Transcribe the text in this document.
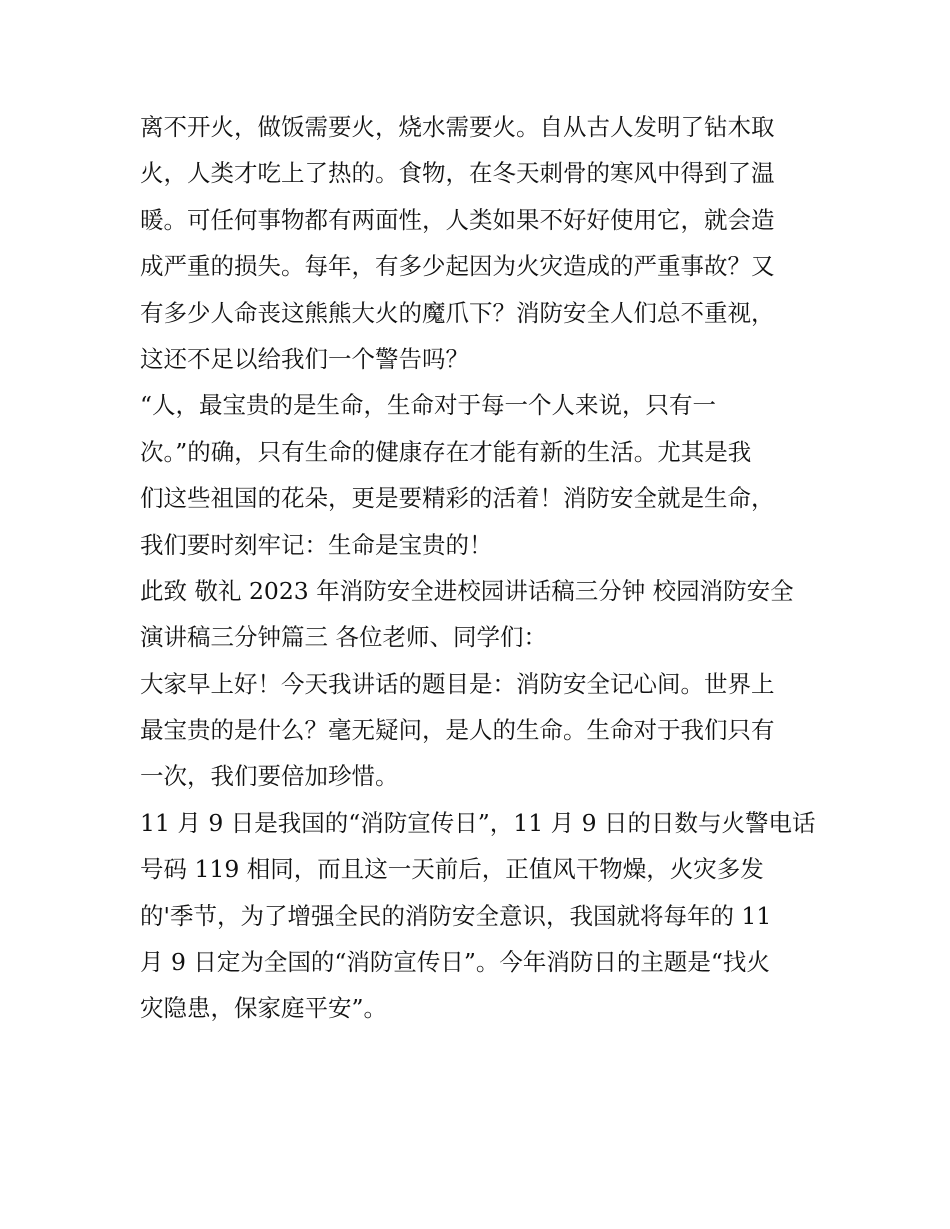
离不开火，做饭需要火，烧水需要火。自从古人发明了钻木取
火，人类才吃上了热的。食物，在冬天刺骨的寒风中得到了温
暖。可任何事物都有两面性，人类如果不好好使用它，就会造
成严重的损失。每年，有多少起因为火灾造成的严重事故？又
有多少人命丧这熊熊大火的魔爪下？消防安全人们总不重视，
这还不足以给我们一个警告吗？
“人，最宝贵的是生命，生命对于每一个人来说，只有一
次。”的确，只有生命的健康存在才能有新的生活。尤其是我
们这些祖国的花朵，更是要精彩的活着！消防安全就是生命，
我们要时刻牢记：生命是宝贵的！
此致 敬礼 2023 年消防安全进校园讲话稿三分钟 校园消防安全
演讲稿三分钟篇三 各位老师、同学们：
大家早上好！今天我讲话的题目是：消防安全记心间。世界上
最宝贵的是什么？毫无疑问，是人的生命。生命对于我们只有
一次，我们要倍加珍惜。
11 月 9 日是我国的“消防宣传日”，11 月 9 日的日数与火警电话
号码 119 相同，而且这一天前后，正值风干物燥，火灾多发
的'季节，为了增强全民的消防安全意识，我国就将每年的 11
月 9 日定为全国的“消防宣传日”。今年消防日的主题是“找火
灾隐患，保家庭平安”。
